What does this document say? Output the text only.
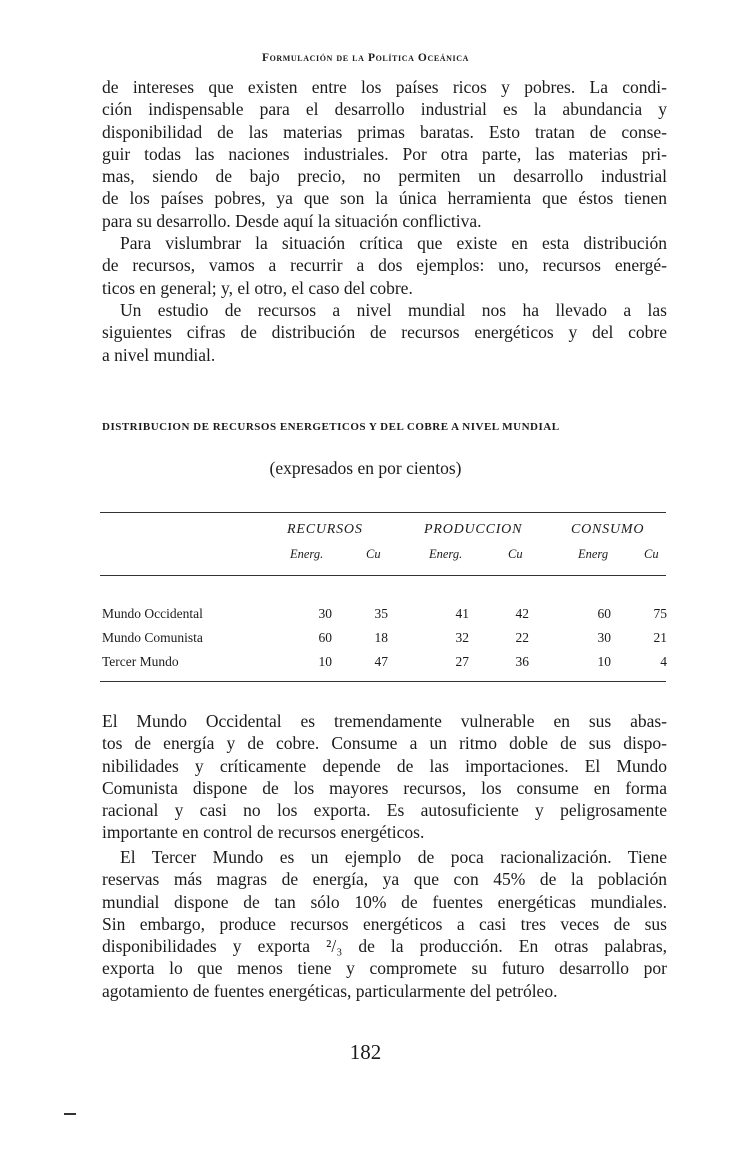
Formulación de la Política Oceánica
de intereses que existen entre los países ricos y pobres. La condi-
ción indispensable para el desarrollo industrial es la abundancia y
disponibilidad de las materias primas baratas. Esto tratan de conse-
guir todas las naciones industriales. Por otra parte, las materias pri-
mas, siendo de bajo precio, no permiten un desarrollo industrial
de los países pobres, ya que son la única herramienta que éstos tienen
para su desarrollo. Desde aquí la situación conflictiva.
Para vislumbrar la situación crítica que existe en esta distribución
de recursos, vamos a recurrir a dos ejemplos: uno, recursos energé-
ticos en general; y, el otro, el caso del cobre.
Un estudio de recursos a nivel mundial nos ha llevado a las
siguientes cifras de distribución de recursos energéticos y del cobre
a nivel mundial.
DISTRIBUCION DE RECURSOS ENERGETICOS Y DEL COBRE A NIVEL MUNDIAL
(expresados en por cientos)
RECURSOS	PRODUCCION	CONSUMO
Energ.	Cu	Energ.	Cu	Energ	Cu
Mundo Occidental	30	35	41	42	60	75
Mundo Comunista	60	18	32	22	30	21
Tercer Mundo	10	47	27	36	10	4
El Mundo Occidental es tremendamente vulnerable en sus abas-
tos de energía y de cobre. Consume a un ritmo doble de sus dispo-
nibilidades y críticamente depende de las importaciones. El Mundo
Comunista dispone de los mayores recursos, los consume en forma
racional y casi no los exporta. Es autosuficiente y peligrosamente
importante en control de recursos energéticos.
El Tercer Mundo es un ejemplo de poca racionalización. Tiene
reservas más magras de energía, ya que con 45% de la población
mundial dispone de tan sólo 10% de fuentes energéticas mundiales.
Sin embargo, produce recursos energéticos a casi tres veces de sus
disponibilidades y exporta ²/₃ de la producción. En otras palabras,
exporta lo que menos tiene y compromete su futuro desarrollo por
agotamiento de fuentes energéticas, particularmente del petróleo.
182
